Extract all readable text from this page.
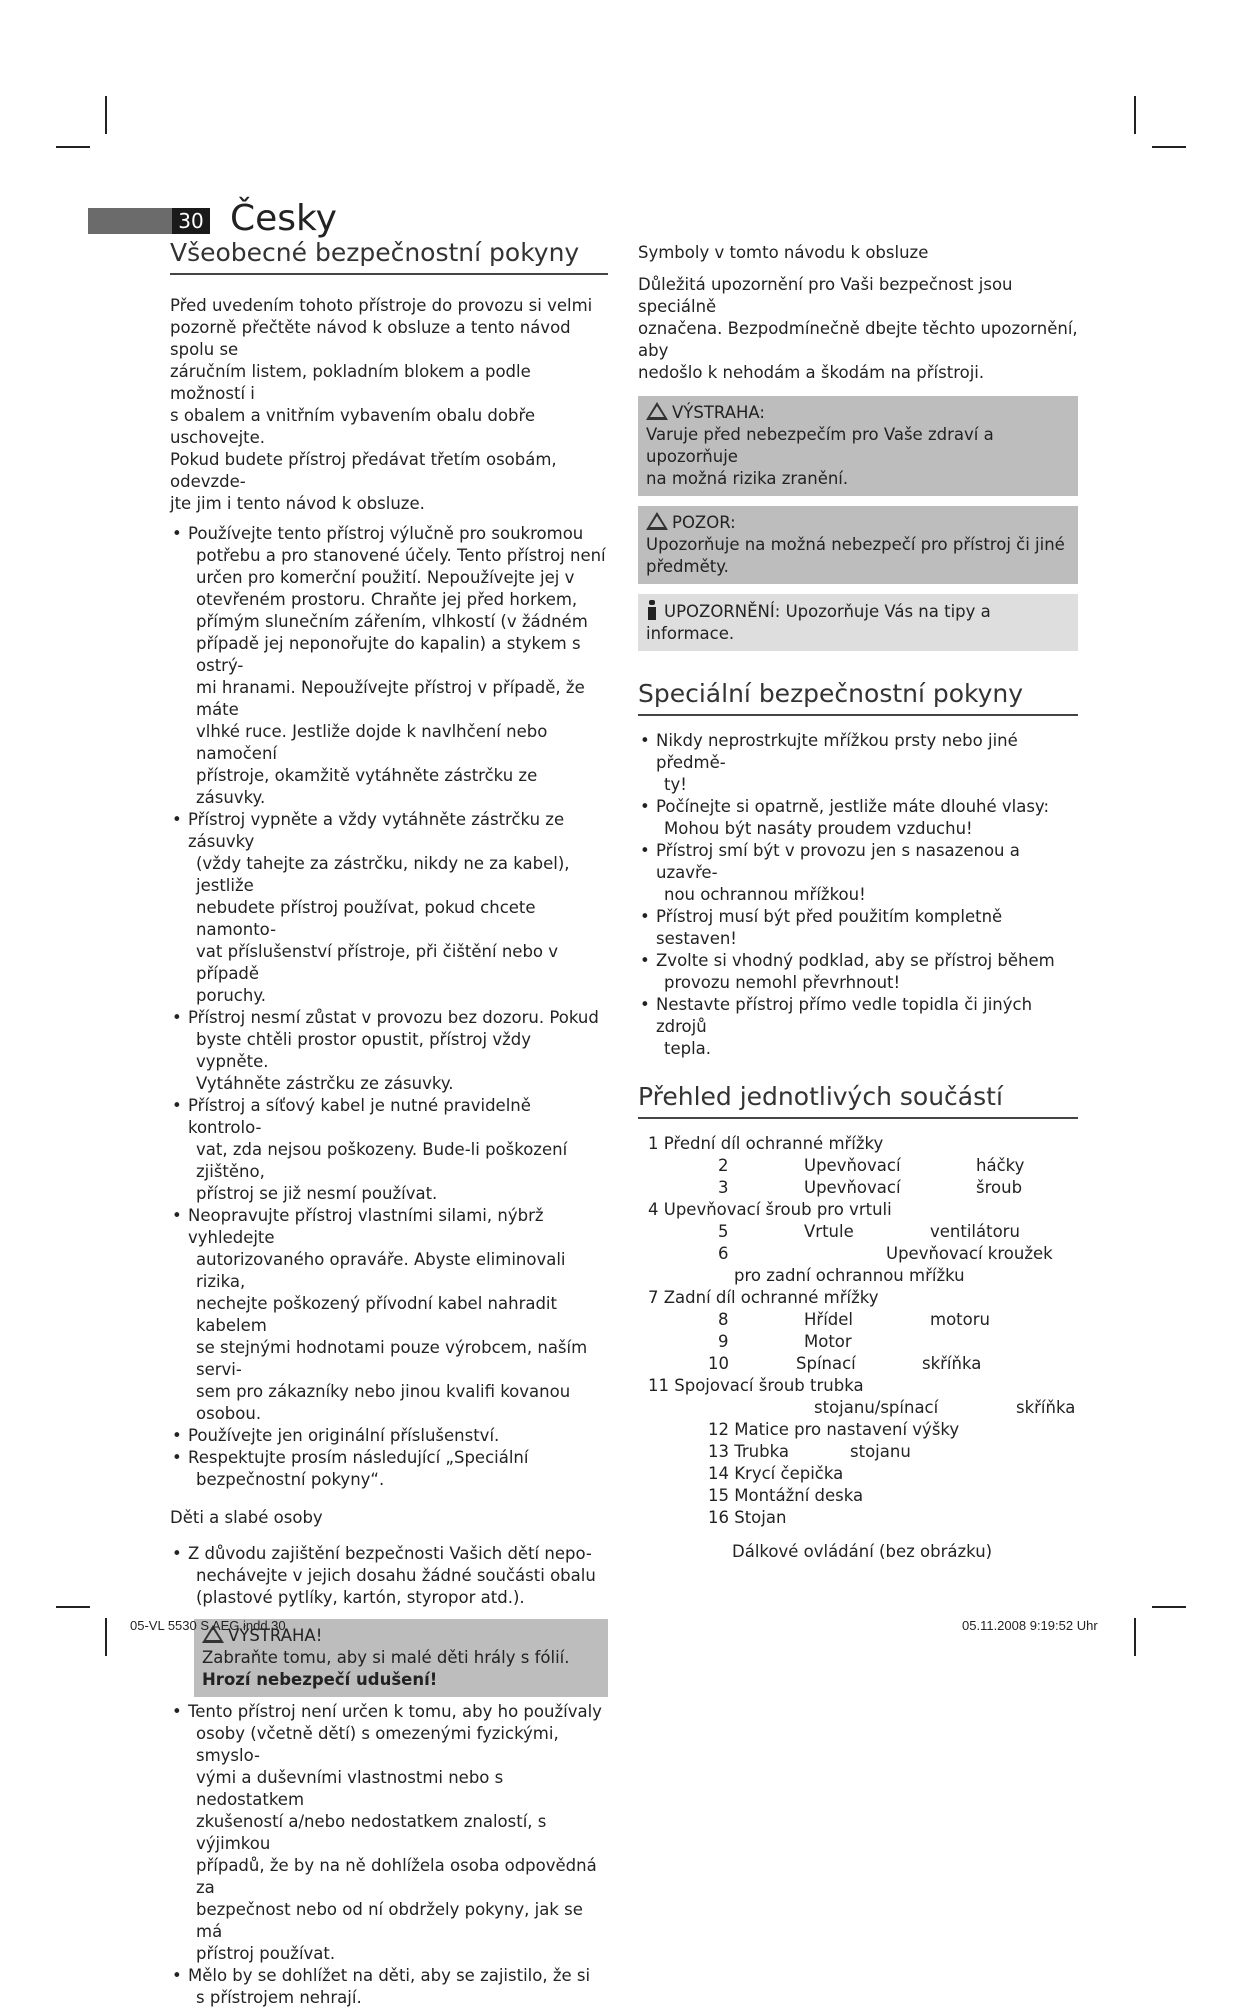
30 Česky
Všeobecné bezpečnostní pokyny

Před uvedením tohoto přístroje do provozu si velmi

pozorně přečtěte návod k obsluze a tento návod spolu se

záručním listem, pokladním blokem a podle možností i

s obalem a vnitřním vybavením obalu dobře uschovejte.

Pokud budete přístroj předávat třetím osobám, odevzde-

jte jim i tento návod k obsluze.

• Používejte tento přístroj výlučně pro soukromou

potřebu a pro stanovené účely. Tento přístroj není

určen pro komerční použití. Nepoužívejte jej v

otevřeném prostoru. Chraňte jej před horkem,

přímým slunečním zářením, vlhkostí (v žádném

případě jej neponořujte do kapalin) a stykem s ostrý-

mi hranami. Nepoužívejte přístroj v případě, že máte

vlhké ruce. Jestliže dojde k navlhčení nebo namočení

přístroje, okamžitě vytáhněte zástrčku ze zásuvky.

• Přístroj vypněte a vždy vytáhněte zástrčku ze zásuvky

(vždy tahejte za zástrčku, nikdy ne za kabel), jestliže

nebudete přístroj používat, pokud chcete namonto-

vat příslušenství přístroje, při čištění nebo v případě

poruchy.

• Přístroj nesmí zůstat v provozu bez dozoru. Pokud

byste chtěli prostor opustit, přístroj vždy vypněte.

Vytáhněte zástrčku ze zásuvky.

• Přístroj a síťový kabel je nutné pravidelně kontrolo-

vat, zda nejsou poškozeny. Bude-li poškození zjištěno,

přístroj se již nesmí používat.

• Neopravujte přístroj vlastními silami, nýbrž vyhledejte

autorizovaného opraváře. Abyste eliminovali rizika,

nechejte poškozený přívodní kabel nahradit kabelem

se stejnými hodnotami pouze výrobcem, naším servi-

sem pro zákazníky nebo jinou kvalifi kovanou osobou.

• Používejte jen originální příslušenství.

• Respektujte prosím následující „Speciální

bezpečnostní pokyny“.

Děti a slabé osoby

• Z důvodu zajištění bezpečnosti Vašich dětí nepo-

nechávejte v jejich dosahu žádné součásti obalu

(plastové pytlíky, kartón, styropor atd.).

VÝSTRAHA!

Zabraňte tomu, aby si malé děti hrály s fólií.

Hrozí nebezpečí udušení!

• Tento přístroj není určen k tomu, aby ho používaly

osoby (včetně dětí) s omezenými fyzickými, smyslo-

vými a duševními vlastnostmi nebo s nedostatkem

zkušeností a/nebo nedostatkem znalostí, s výjimkou

případů, že by na ně dohlížela osoba odpovědná za

bezpečnost nebo od ní obdržely pokyny, jak se má

přístroj používat.

• Mělo by se dohlížet na děti, aby se zajistilo, že si

s přístrojem nehrají.

Symboly v tomto návodu k obsluze

Důležitá upozornění pro Vaši bezpečnost jsou speciálně

označena. Bezpodmínečně dbejte těchto upozornění, aby

nedošlo k nehodám a škodám na přístroji.

VÝSTRAHA:

Varuje před nebezpečím pro Vaše zdraví a upozorňuje

na možná rizika zranění.

POZOR:

Upozorňuje na možná nebezpečí pro přístroj či jiné

předměty.

UPOZORNĚNÍ: Upozorňuje Vás na tipy a informace.

Speciální bezpečnostní pokyny

• Nikdy neprostrkujte mřížkou prsty nebo jiné předmě-

ty!

• Počínejte si opatrně, jestliže máte dlouhé vlasy:

Mohou být nasáty proudem vzduchu!

• Přístroj smí být v provozu jen s nasazenou a uzavře-

nou ochrannou mřížkou!

• Přístroj musí být před použitím kompletně sestaven!

• Zvolte si vhodný podklad, aby se přístroj během

provozu nemohl převrhnout!

• Nestavte přístroj přímo vedle topidla či jiných zdrojů

tepla.

Přehled jednotlivých součástí
1 Přední díl ochranné mřížky
2	Upevňovací	háčky
3	Upevňovací	šroub
4 Upevňovací šroub pro vrtuli
5	Vrtule	ventilátoru
6	Upevňovací kroužek
pro zadní ochrannou mřížku
7 Zadní díl ochranné mřížky
8	Hřídel	motoru
9	Motor
10	Spínací	skříňka
11 Spojovací šroub trubka
stojanu/spínací	skříňka
12 Matice pro nastavení výšky
13 Trubka	stojanu
14 Krycí čepička
15 Montážní deska
16 Stojan
Dálkové ovládání (bez obrázku)
05-VL 5530 S AEG.indd 30	05.11.2008 9:19:52 Uhr
